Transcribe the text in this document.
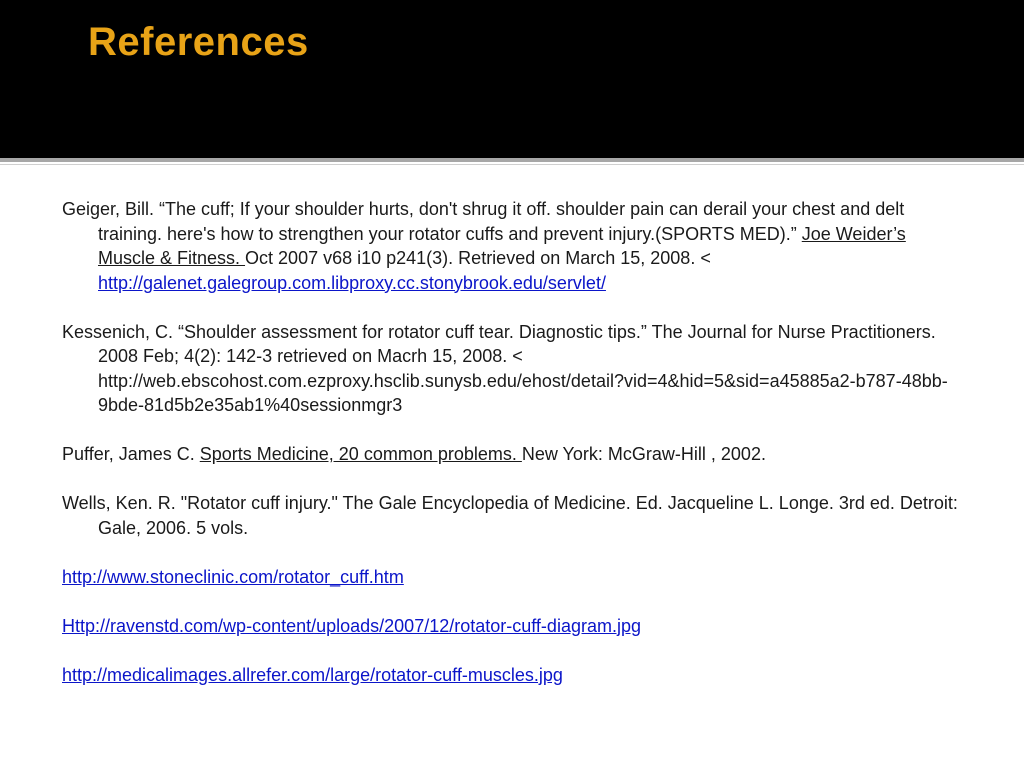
References

Geiger, Bill. “The cuff; If your shoulder hurts, don't shrug it off. shoulder pain can derail your chest and delt training. here's how to strengthen your rotator cuffs and prevent injury.(SPORTS MED).” Joe Weider’s Muscle & Fitness. Oct 2007 v68 i10 p241(3). Retrieved on March 15, 2008. <
http://galenet.galegroup.com.libproxy.cc.stonybrook.edu/servlet/

Kessenich, C. “Shoulder assessment for rotator cuff tear. Diagnostic tips.” The Journal for Nurse Practitioners. 2008 Feb; 4(2): 142-3 retrieved on Macrh 15, 2008. < http://web.ebscohost.com.ezproxy.hsclib.sunysb.edu/ehost/detail?vid=4&hid=5&sid=a45885a2-b787-48bb-9bde-81d5b2e35ab1%40sessionmgr3

Puffer, James C. Sports Medicine, 20 common problems. New York: McGraw-Hill , 2002.

Wells, Ken. R. "Rotator cuff injury." The Gale Encyclopedia of Medicine. Ed. Jacqueline L. Longe. 3rd ed. Detroit: Gale, 2006. 5 vols.

http://www.stoneclinic.com/rotator_cuff.htm

Http://ravenstd.com/wp-content/uploads/2007/12/rotator-cuff-diagram.jpg

http://medicalimages.allrefer.com/large/rotator-cuff-muscles.jpg
